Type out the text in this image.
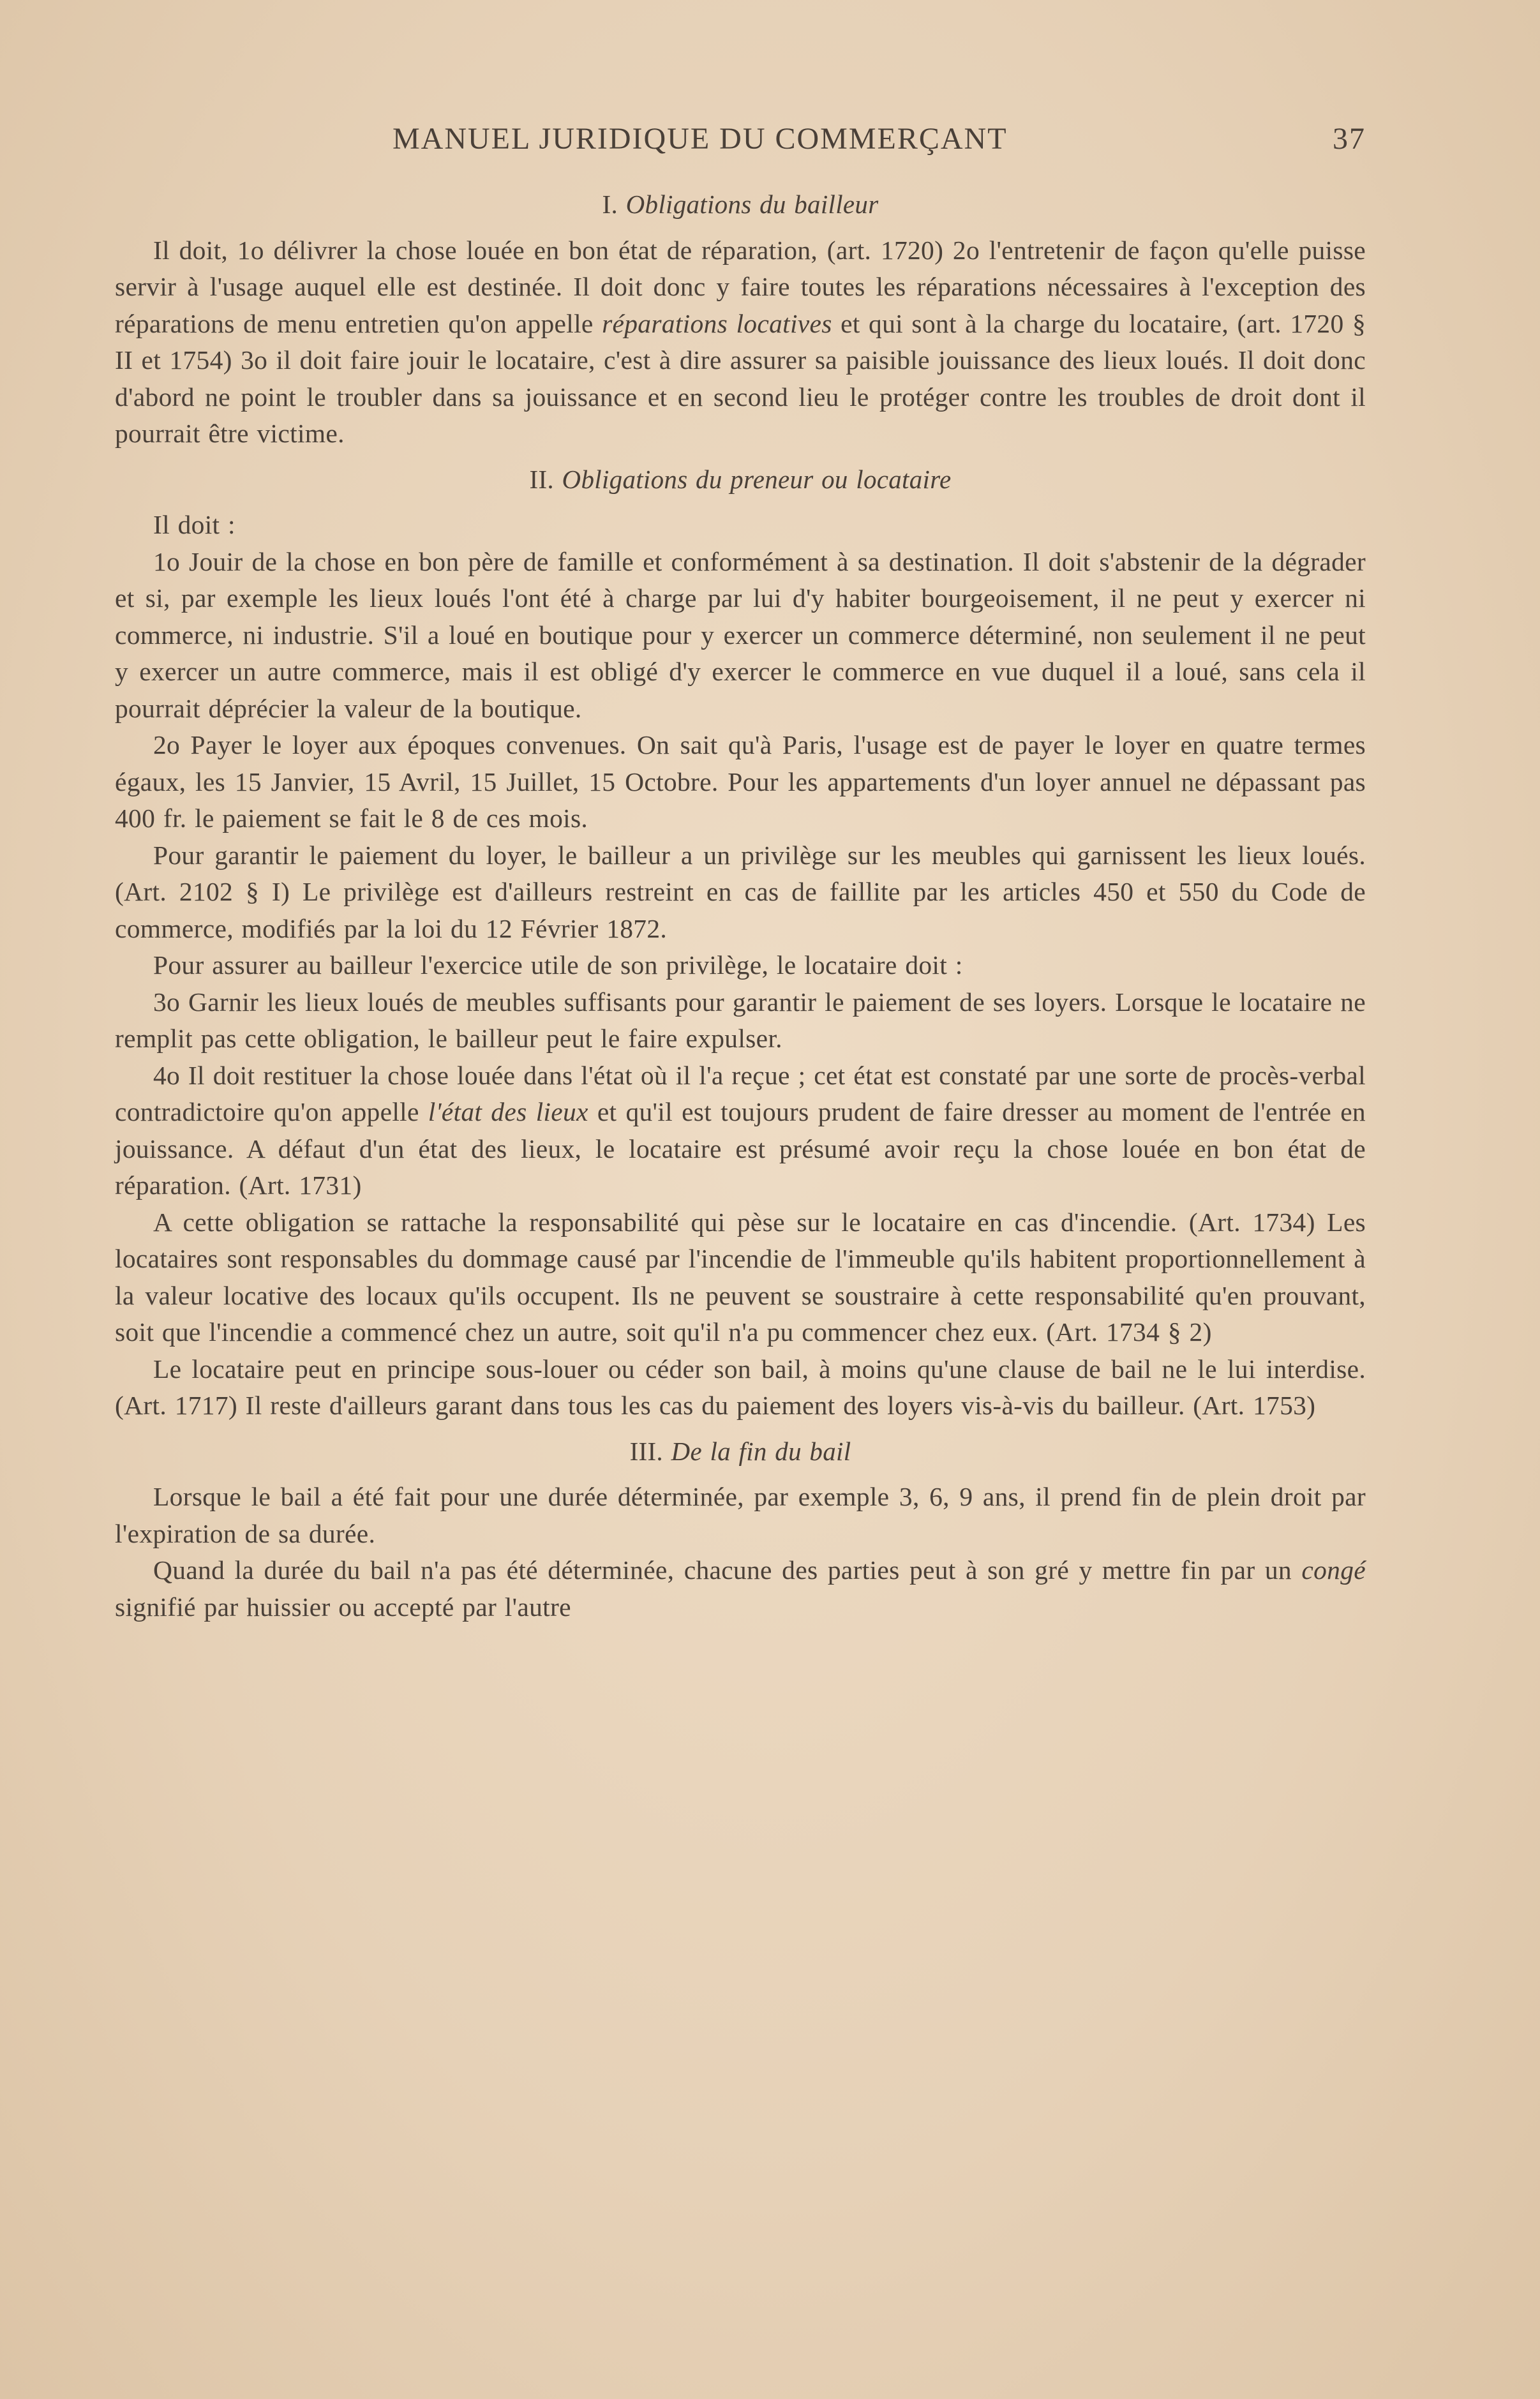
MANUEL JURIDIQUE DU COMMERÇANT	37
I. Obligations du bailleur

Il doit, 1o délivrer la chose louée en bon état de réparation, (art. 1720) 2o l'entretenir de façon qu'elle puisse servir à l'usage auquel elle est destinée. Il doit donc y faire toutes les réparations nécessaires à l'exception des réparations de menu entretien qu'on appelle réparations locatives et qui sont à la charge du locataire, (art. 1720 § II et 1754) 3o il doit faire jouir le locataire, c'est à dire assurer sa paisible jouissance des lieux loués. Il doit donc d'abord ne point le troubler dans sa jouissance et en second lieu le protéger contre les troubles de droit dont il pourrait être victime.

II. Obligations du preneur ou locataire

Il doit :

1o Jouir de la chose en bon père de famille et conformément à sa destination. Il doit s'abstenir de la dégrader et si, par exemple les lieux loués l'ont été à charge par lui d'y habiter bourgeoisement, il ne peut y exercer ni commerce, ni industrie. S'il a loué en boutique pour y exercer un commerce déterminé, non seulement il ne peut y exercer un autre commerce, mais il est obligé d'y exercer le commerce en vue duquel il a loué, sans cela il pourrait déprécier la valeur de la boutique.

2o Payer le loyer aux époques convenues. On sait qu'à Paris, l'usage est de payer le loyer en quatre termes égaux, les 15 Janvier, 15 Avril, 15 Juillet, 15 Octobre. Pour les appartements d'un loyer annuel ne dépassant pas 400 fr. le paiement se fait le 8 de ces mois.

Pour garantir le paiement du loyer, le bailleur a un privilège sur les meubles qui garnissent les lieux loués. (Art. 2102 § I) Le privilège est d'ailleurs restreint en cas de faillite par les articles 450 et 550 du Code de commerce, modifiés par la loi du 12 Février 1872.

Pour assurer au bailleur l'exercice utile de son privilège, le locataire doit :

3o Garnir les lieux loués de meubles suffisants pour garantir le paiement de ses loyers. Lorsque le locataire ne remplit pas cette obligation, le bailleur peut le faire expulser.

4o Il doit restituer la chose louée dans l'état où il l'a reçue ; cet état est constaté par une sorte de procès-verbal contradictoire qu'on appelle l'état des lieux et qu'il est toujours prudent de faire dresser au moment de l'entrée en jouissance. A défaut d'un état des lieux, le locataire est présumé avoir reçu la chose louée en bon état de réparation. (Art. 1731)

A cette obligation se rattache la responsabilité qui pèse sur le locataire en cas d'incendie. (Art. 1734) Les locataires sont responsables du dommage causé par l'incendie de l'immeuble qu'ils habitent proportionnellement à la valeur locative des locaux qu'ils occupent. Ils ne peuvent se soustraire à cette responsabilité qu'en prouvant, soit que l'incendie a commencé chez un autre, soit qu'il n'a pu commencer chez eux. (Art. 1734 § 2)

Le locataire peut en principe sous-louer ou céder son bail, à moins qu'une clause de bail ne le lui interdise. (Art. 1717) Il reste d'ailleurs garant dans tous les cas du paiement des loyers vis-à-vis du bailleur. (Art. 1753)

III. De la fin du bail

Lorsque le bail a été fait pour une durée déterminée, par exemple 3, 6, 9 ans, il prend fin de plein droit par l'expiration de sa durée.

Quand la durée du bail n'a pas été déterminée, chacune des parties peut à son gré y mettre fin par un congé signifié par huissier ou accepté par l'autre
